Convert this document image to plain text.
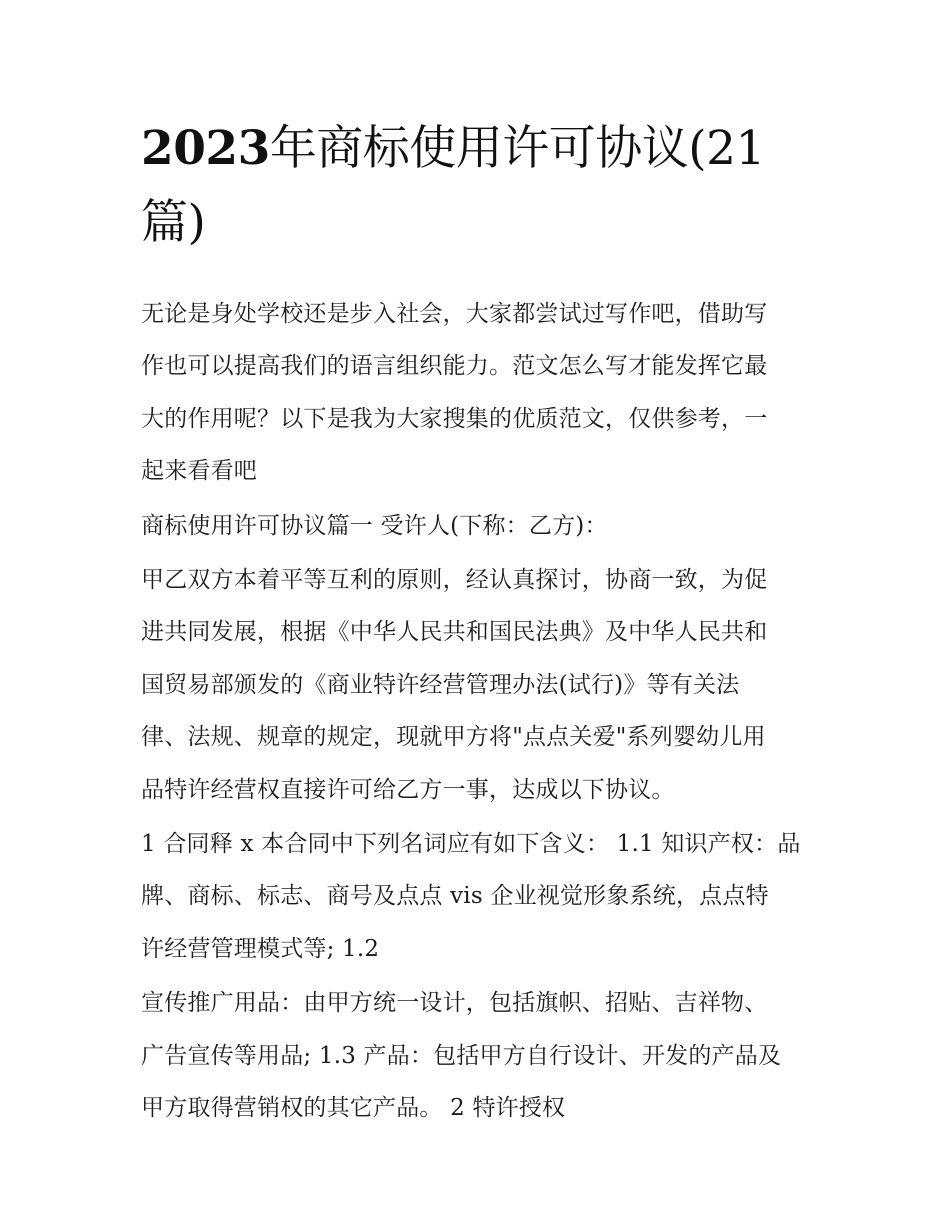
2023年商标使用许可协议(21篇)

无论是身处学校还是步入社会，大家都尝试过写作吧，借助写
作也可以提高我们的语言组织能力。范文怎么写才能发挥它最
大的作用呢？以下是我为大家搜集的优质范文，仅供参考，一
起来看看吧

商标使用许可协议篇一 受许人(下称：乙方)：

甲乙双方本着平等互利的原则，经认真探讨，协商一致，为促
进共同发展，根据《中华人民共和国民法典》及中华人民共和
国贸易部颁发的《商业特许经营管理办法(试行)》等有关法
律、法规、规章的规定，现就甲方将"点点关爱"系列婴幼儿用
品特许经营权直接许可给乙方一事，达成以下协议。

1 合同释 x 本合同中下列名词应有如下含义： 1.1 知识产权：品
牌、商标、标志、商号及点点 vis 企业视觉形象系统，点点特
许经营管理模式等; 1.2

宣传推广用品：由甲方统一设计，包括旗帜、招贴、吉祥物、
广告宣传等用品; 1.3 产品：包括甲方自行设计、开发的产品及
甲方取得营销权的其它产品。 2 特许授权
